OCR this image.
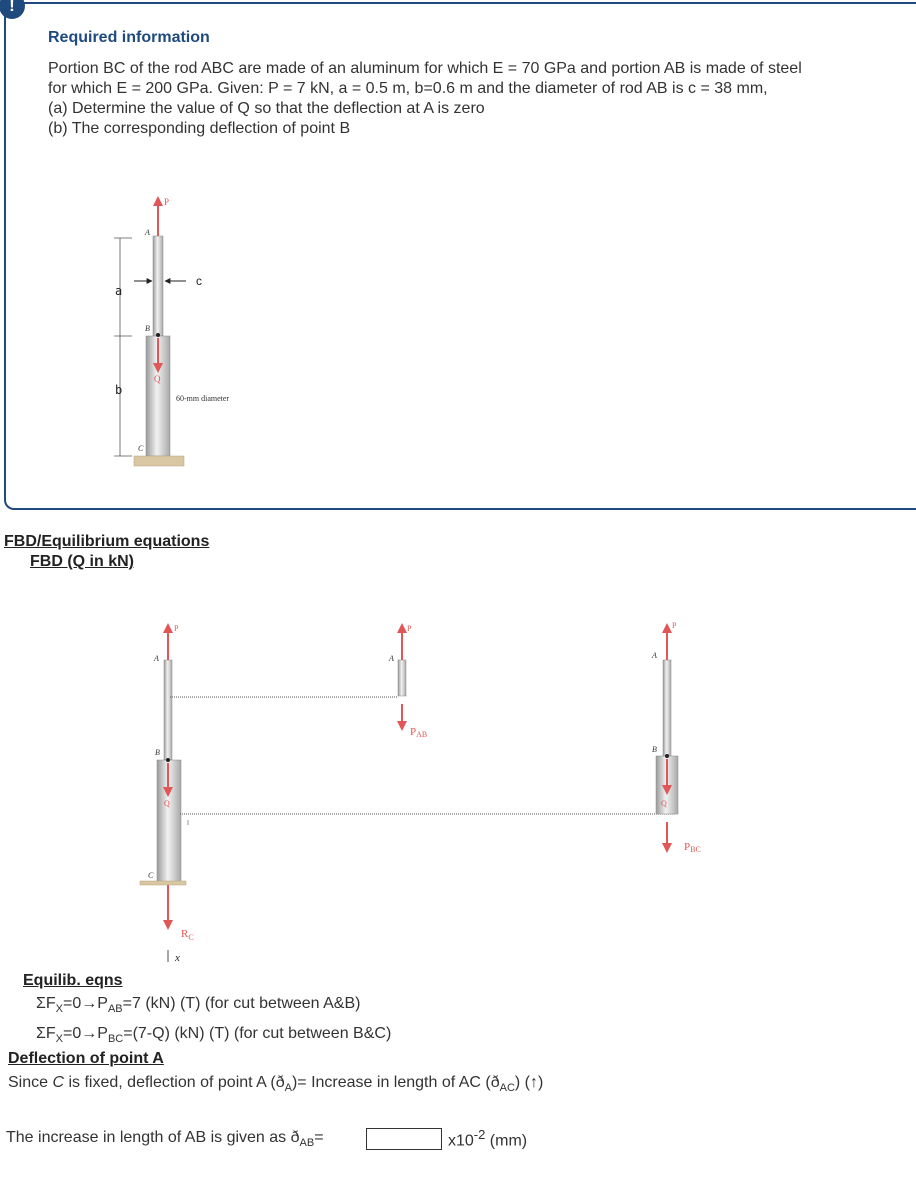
!
Required information

Portion BC of the rod ABC are made of an aluminum for which E = 70 GPa and portion AB is made of steel

for which E = 200 GPa. Given: P = 7 kN, a = 0.5 m, b=0.6 m and the diameter of rod AB is c = 38 mm,

(a) Determine the value of Q so that the deflection at A is zero

(b) The corresponding deflection of point B

P
Q
A
B
C
a
b
c
60-mm diameter
FBD/Equilibrium equations
FBD (Q in kN)
P
Q
A
B
C
$R_C$
x
P
A
PAB
P
A
B
Q
PBC
Equilib. eqns
$\Sigma F_X=0\to P_{AB}=7$ (kN) (T) (for cut between A&B)
$\Sigma F_X=0\to P_{BC}=(7-Q)$ (kN) (T) (for cut between B&C)
Deflection of point A
Since C is fixed, deflection of point A $(ð_A)=$ Increase in length of AC $(ð_{AC})$ (↑)
The increase in length of AB is given as $ð_{AB}=$	$x10^{-2}$ (mm)
